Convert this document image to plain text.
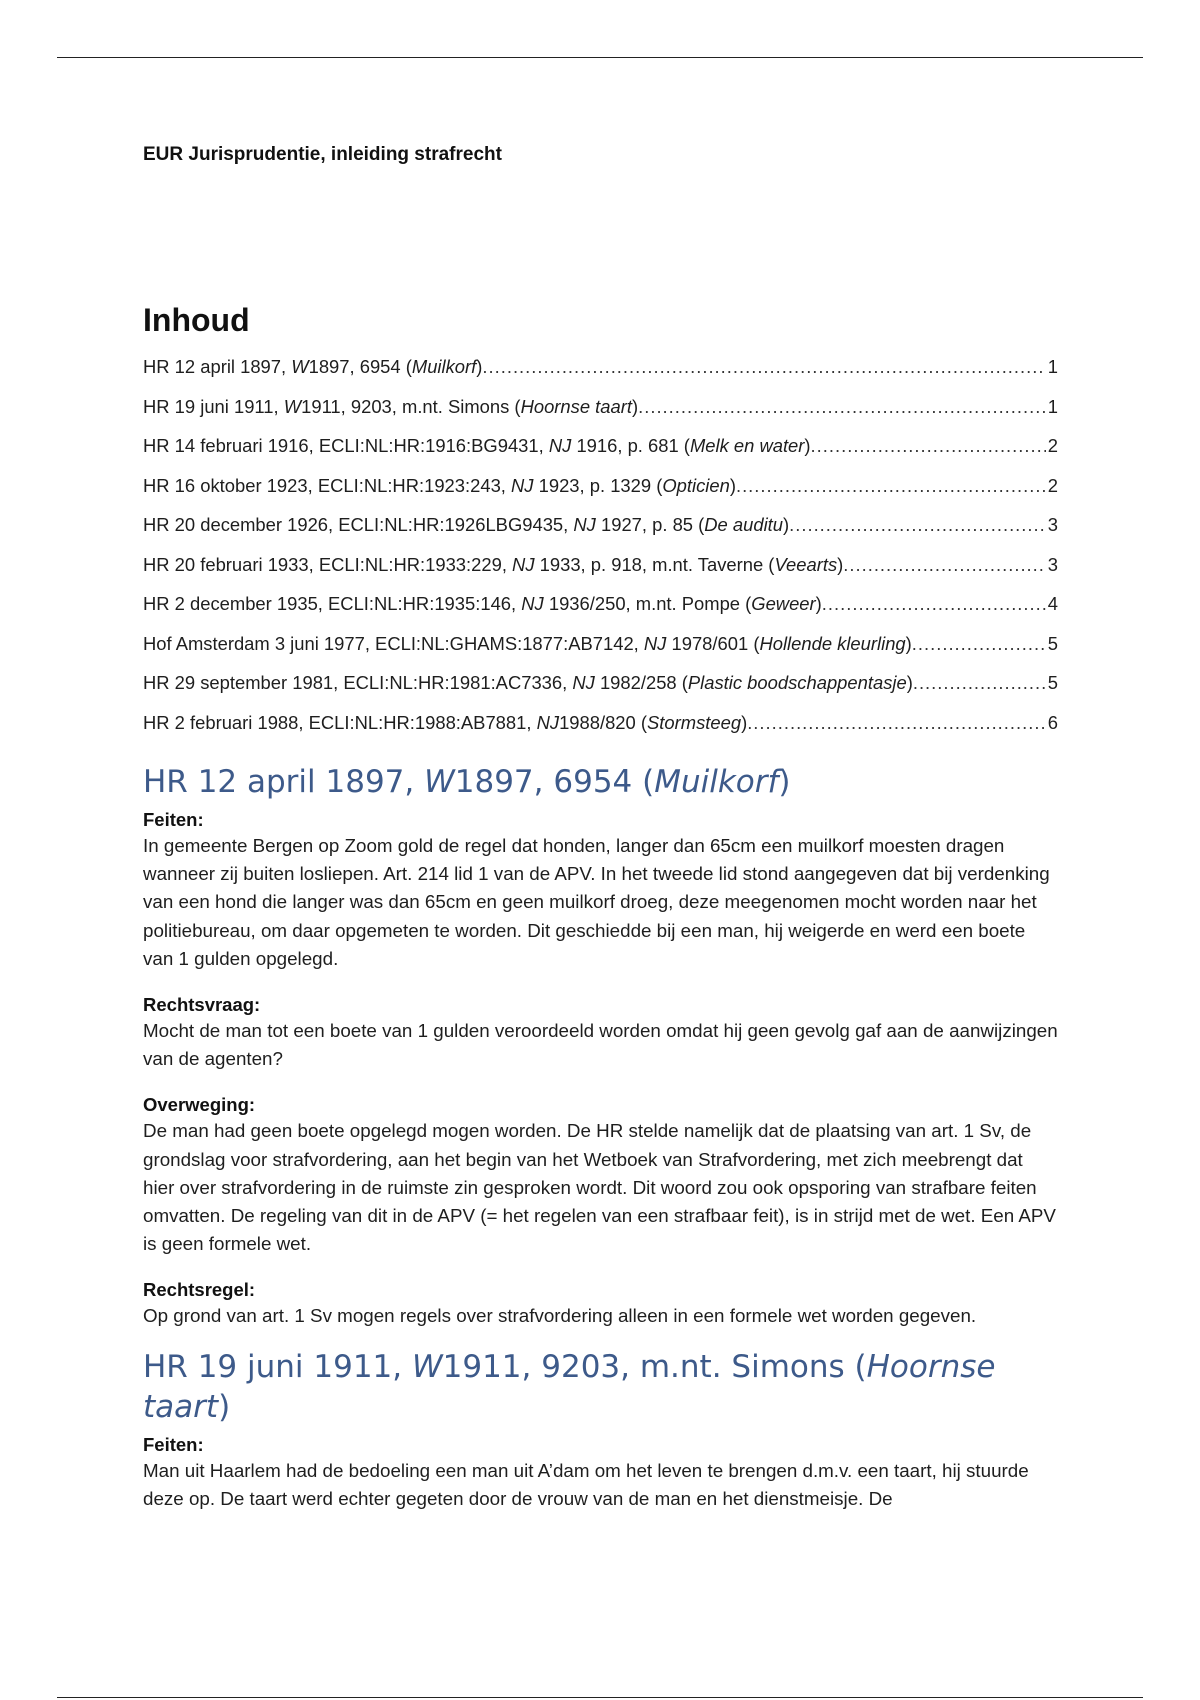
EUR Jurisprudentie, inleiding strafrecht
Inhoud
HR 12 april 1897, W1897, 6954 (Muilkorf) .....	1
HR 19 juni 1911, W1911, 9203, m.nt. Simons (Hoornse taart) .....	1
HR 14 februari 1916, ECLI:NL:HR:1916:BG9431, NJ 1916, p. 681 (Melk en water) .....	2
HR 16 oktober 1923, ECLI:NL:HR:1923:243, NJ 1923, p. 1329 (Opticien) .....	2
HR 20 december 1926, ECLI:NL:HR:1926LBG9435, NJ 1927, p. 85 (De auditu) .....	3
HR 20 februari 1933, ECLI:NL:HR:1933:229, NJ 1933, p. 918, m.nt. Taverne (Veearts) .....	3
HR 2 december 1935, ECLI:NL:HR:1935:146, NJ 1936/250, m.nt. Pompe (Geweer) .....	4
Hof Amsterdam 3 juni 1977, ECLI:NL:GHAMS:1877:AB7142, NJ 1978/601 (Hollende kleurling) .....	5
HR 29 september 1981, ECLI:NL:HR:1981:AC7336, NJ 1982/258 (Plastic boodschappentasje) .....	5
HR 2 februari 1988, ECLI:NL:HR:1988:AB7881, NJ1988/820 (Stormsteeg) .....	6
HR 12 april 1897, W1897, 6954 (Muilkorf)

Feiten:

In gemeente Bergen op Zoom gold de regel dat honden, langer dan 65cm een muilkorf moesten dragen wanneer zij buiten losliepen. Art. 214 lid 1 van de APV. In het tweede lid stond aangegeven dat bij verdenking van een hond die langer was dan 65cm en geen muilkorf droeg, deze meegenomen mocht worden naar het politiebureau, om daar opgemeten te worden. Dit geschiedde bij een man, hij weigerde en werd een boete van 1 gulden opgelegd.

Rechtsvraag:

Mocht de man tot een boete van 1 gulden veroordeeld worden omdat hij geen gevolg gaf aan de aanwijzingen van de agenten?

Overweging:

De man had geen boete opgelegd mogen worden. De HR stelde namelijk dat de plaatsing van art. 1 Sv, de grondslag voor strafvordering, aan het begin van het Wetboek van Strafvordering, met zich meebrengt dat hier over strafvordering in de ruimste zin gesproken wordt. Dit woord zou ook opsporing van strafbare feiten omvatten. De regeling van dit in de APV (= het regelen van een strafbaar feit), is in strijd met de wet. Een APV is geen formele wet.

Rechtsregel:

Op grond van art. 1 Sv mogen regels over strafvordering alleen in een formele wet worden gegeven.

HR 19 juni 1911, W1911, 9203, m.nt. Simons (Hoornse taart)

Feiten:

Man uit Haarlem had de bedoeling een man uit A’dam om het leven te brengen d.m.v. een taart, hij stuurde deze op. De taart werd echter gegeten door de vrouw van de man en het dienstmeisje. De
